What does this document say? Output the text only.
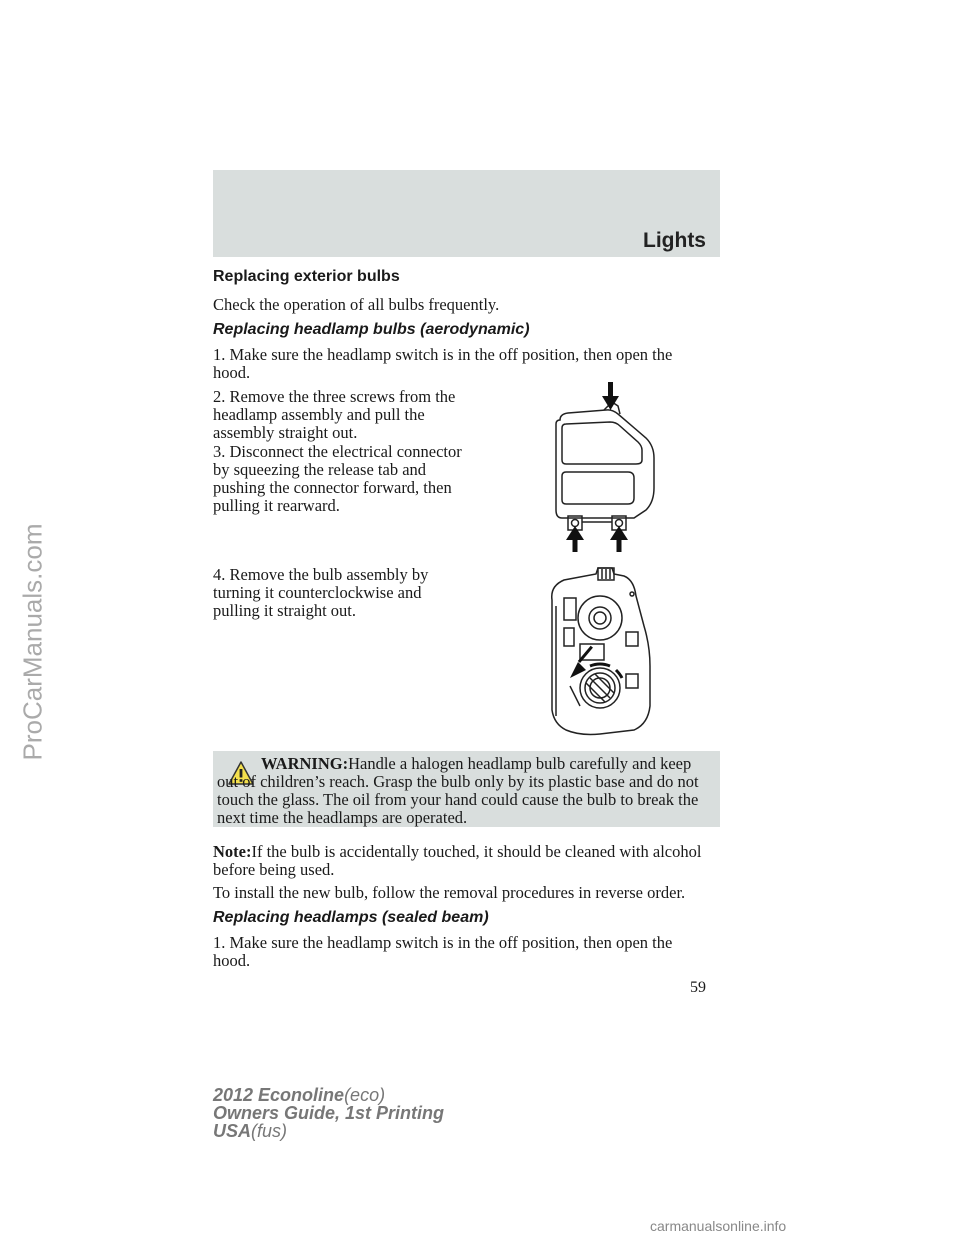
Lights
Replacing exterior bulbs

Check the operation of all bulbs frequently.

Replacing headlamp bulbs (aerodynamic)

1. Make sure the headlamp switch is in the off position, then open the hood.

2. Remove the three screws from the headlamp assembly and pull the assembly straight out.

3. Disconnect the electrical connector by squeezing the release tab and pushing the connector forward, then pulling it rearward.

4. Remove the bulb assembly by turning it counterclockwise and pulling it straight out.

WARNING:Handle a halogen headlamp bulb carefully and keep out of children’s reach. Grasp the bulb only by its plastic base and do not touch the glass. The oil from your hand could cause the bulb to break the next time the headlamps are operated.

Note:If the bulb is accidentally touched, it should be cleaned with alcohol before being used.

To install the new bulb, follow the removal procedures in reverse order.

Replacing headlamps (sealed beam)

1. Make sure the headlamp switch is in the off position, then open the hood.

59
2012 Econoline(eco)
Owners Guide, 1st Printing
USA(fus)
ProCarManuals.com
carmanualsonline.info
